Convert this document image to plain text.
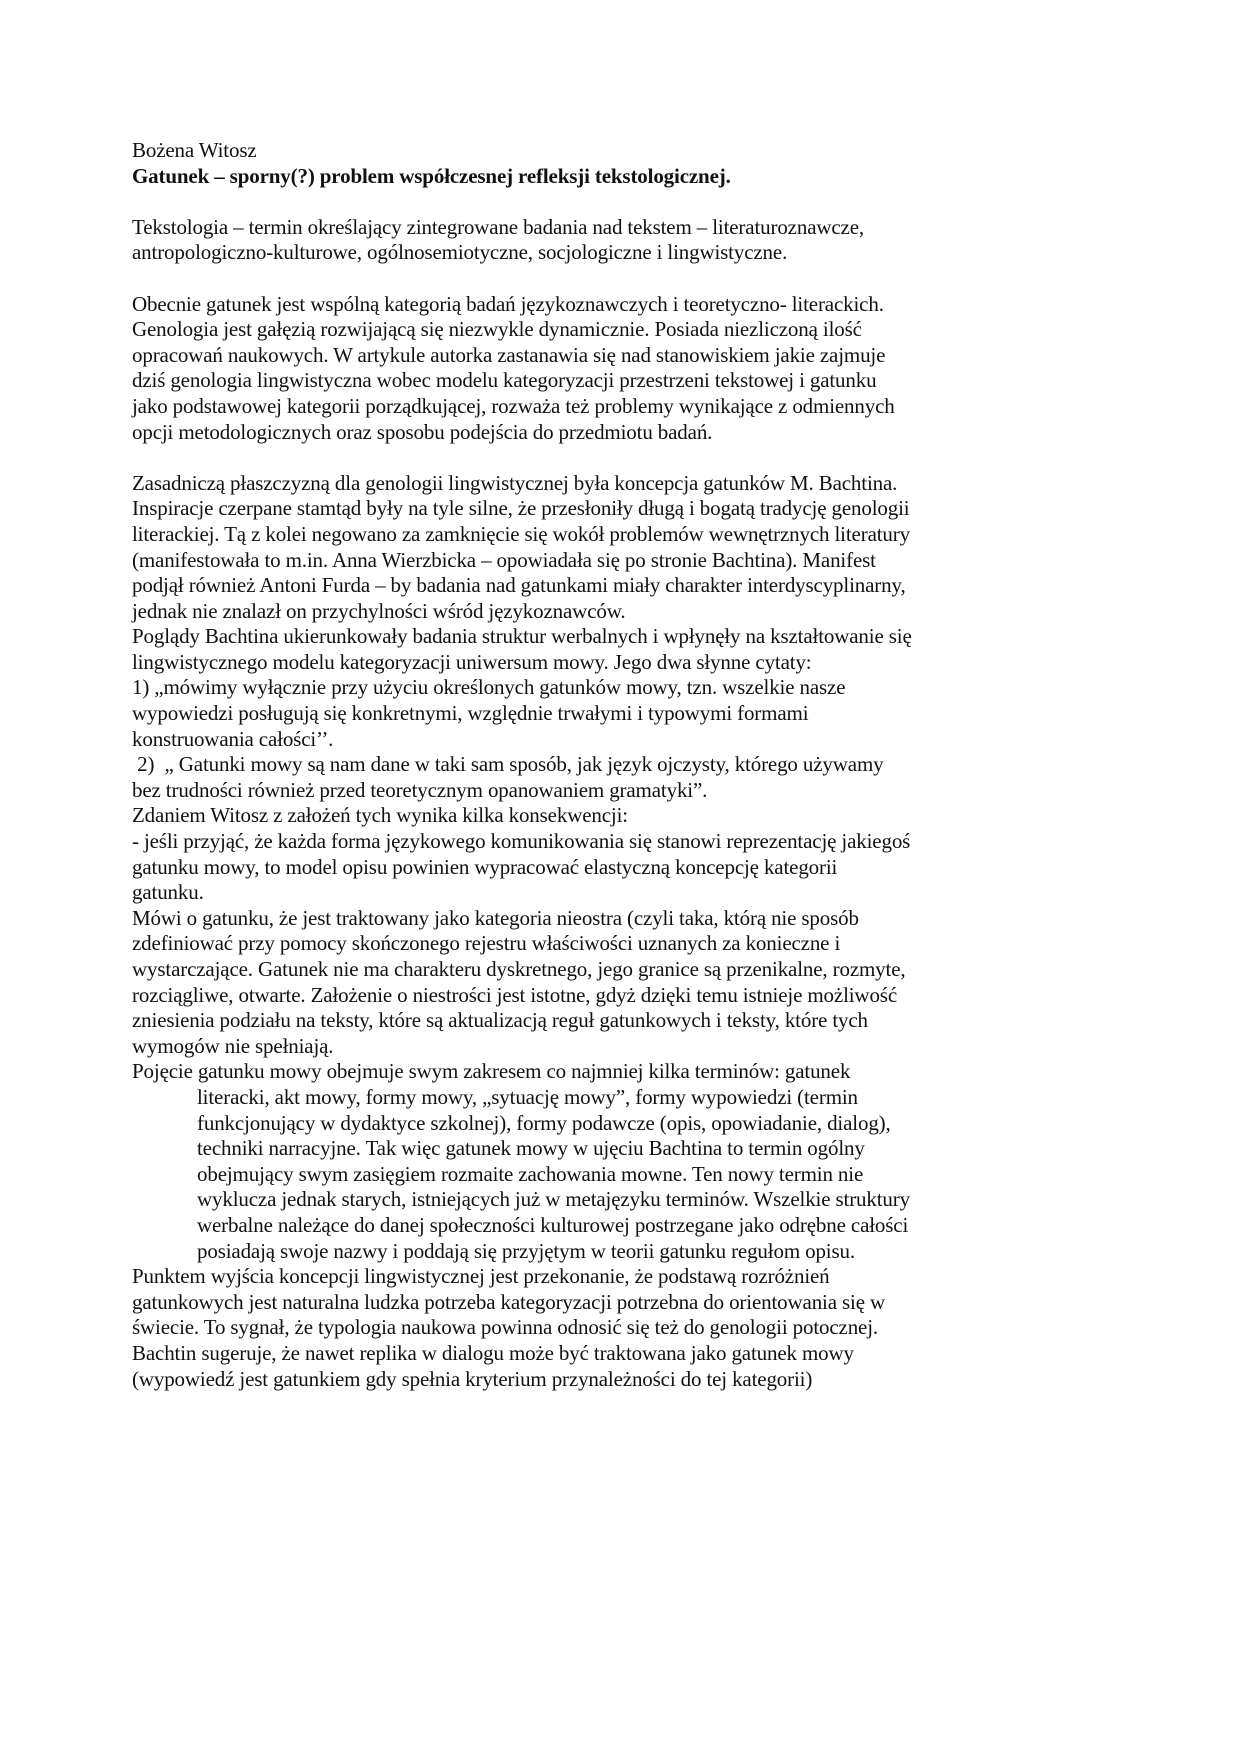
Bożena Witosz
Gatunek – sporny(?) problem współczesnej refleksji tekstologicznej.
Tekstologia – termin określający zintegrowane badania nad tekstem – literaturoznawcze,
antropologiczno-kulturowe, ogólnosemiotyczne, socjologiczne i lingwistyczne.
Obecnie gatunek jest wspólną kategorią badań językoznawczych i teoretyczno- literackich.
Genologia jest gałęzią rozwijającą się niezwykle dynamicznie. Posiada niezliczoną ilość
opracowań naukowych. W artykule autorka zastanawia się nad stanowiskiem jakie zajmuje
dziś genologia lingwistyczna wobec modelu kategoryzacji przestrzeni tekstowej i gatunku
jako podstawowej kategorii porządkującej, rozważa też problemy wynikające z odmiennych
opcji metodologicznych oraz sposobu podejścia do przedmiotu badań.
Zasadniczą płaszczyzną dla genologii lingwistycznej była koncepcja gatunków M. Bachtina.
Inspiracje czerpane stamtąd były na tyle silne, że przesłoniły długą i bogatą tradycję genologii
literackiej. Tą z kolei negowano za zamknięcie się wokół problemów wewnętrznych literatury
(manifestowała to m.in. Anna Wierzbicka – opowiadała się po stronie Bachtina). Manifest
podjął również Antoni Furda – by badania nad gatunkami miały charakter interdyscyplinarny,
jednak nie znalazł on przychylności wśród językoznawców.
Poglądy Bachtina ukierunkowały badania struktur werbalnych i wpłynęły na kształtowanie się
lingwistycznego modelu kategoryzacji uniwersum mowy. Jego dwa słynne cytaty:
1) „mówimy wyłącznie przy użyciu określonych gatunków mowy, tzn. wszelkie nasze
wypowiedzi posługują się konkretnymi, względnie trwałymi i typowymi formami
konstruowania całości’’.
2)  „ Gatunki mowy są nam dane w taki sam sposób, jak język ojczysty, którego używamy
bez trudności również przed teoretycznym opanowaniem gramatyki”.
Zdaniem Witosz z założeń tych wynika kilka konsekwencji:
- jeśli przyjąć, że każda forma językowego komunikowania się stanowi reprezentację jakiegoś
gatunku mowy, to model opisu powinien wypracować elastyczną koncepcję kategorii
gatunku.
Mówi o gatunku, że jest traktowany jako kategoria nieostra (czyli taka, którą nie sposób
zdefiniować przy pomocy skończonego rejestru właściwości uznanych za konieczne i
wystarczające. Gatunek nie ma charakteru dyskretnego, jego granice są przenikalne, rozmyte,
rozciągliwe, otwarte. Założenie o niestrości jest istotne, gdyż dzięki temu istnieje możliwość
zniesienia podziału na teksty, które są aktualizacją reguł gatunkowych i teksty, które tych
wymogów nie spełniają.
Pojęcie gatunku mowy obejmuje swym zakresem co najmniej kilka terminów: gatunek
literacki, akt mowy, formy mowy, „sytuację mowy”, formy wypowiedzi (termin
funkcjonujący w dydaktyce szkolnej), formy podawcze (opis, opowiadanie, dialog),
techniki narracyjne. Tak więc gatunek mowy w ujęciu Bachtina to termin ogólny
obejmujący swym zasięgiem rozmaite zachowania mowne. Ten nowy termin nie
wyklucza jednak starych, istniejących już w metajęzyku terminów. Wszelkie struktury
werbalne należące do danej społeczności kulturowej postrzegane jako odrębne całości
posiadają swoje nazwy i poddają się przyjętym w teorii gatunku regułom opisu.
Punktem wyjścia koncepcji lingwistycznej jest przekonanie, że podstawą rozróżnień
gatunkowych jest naturalna ludzka potrzeba kategoryzacji potrzebna do orientowania się w
świecie. To sygnał, że typologia naukowa powinna odnosić się też do genologii potocznej.
Bachtin sugeruje, że nawet replika w dialogu może być traktowana jako gatunek mowy
(wypowiedź jest gatunkiem gdy spełnia kryterium przynależności do tej kategorii)
